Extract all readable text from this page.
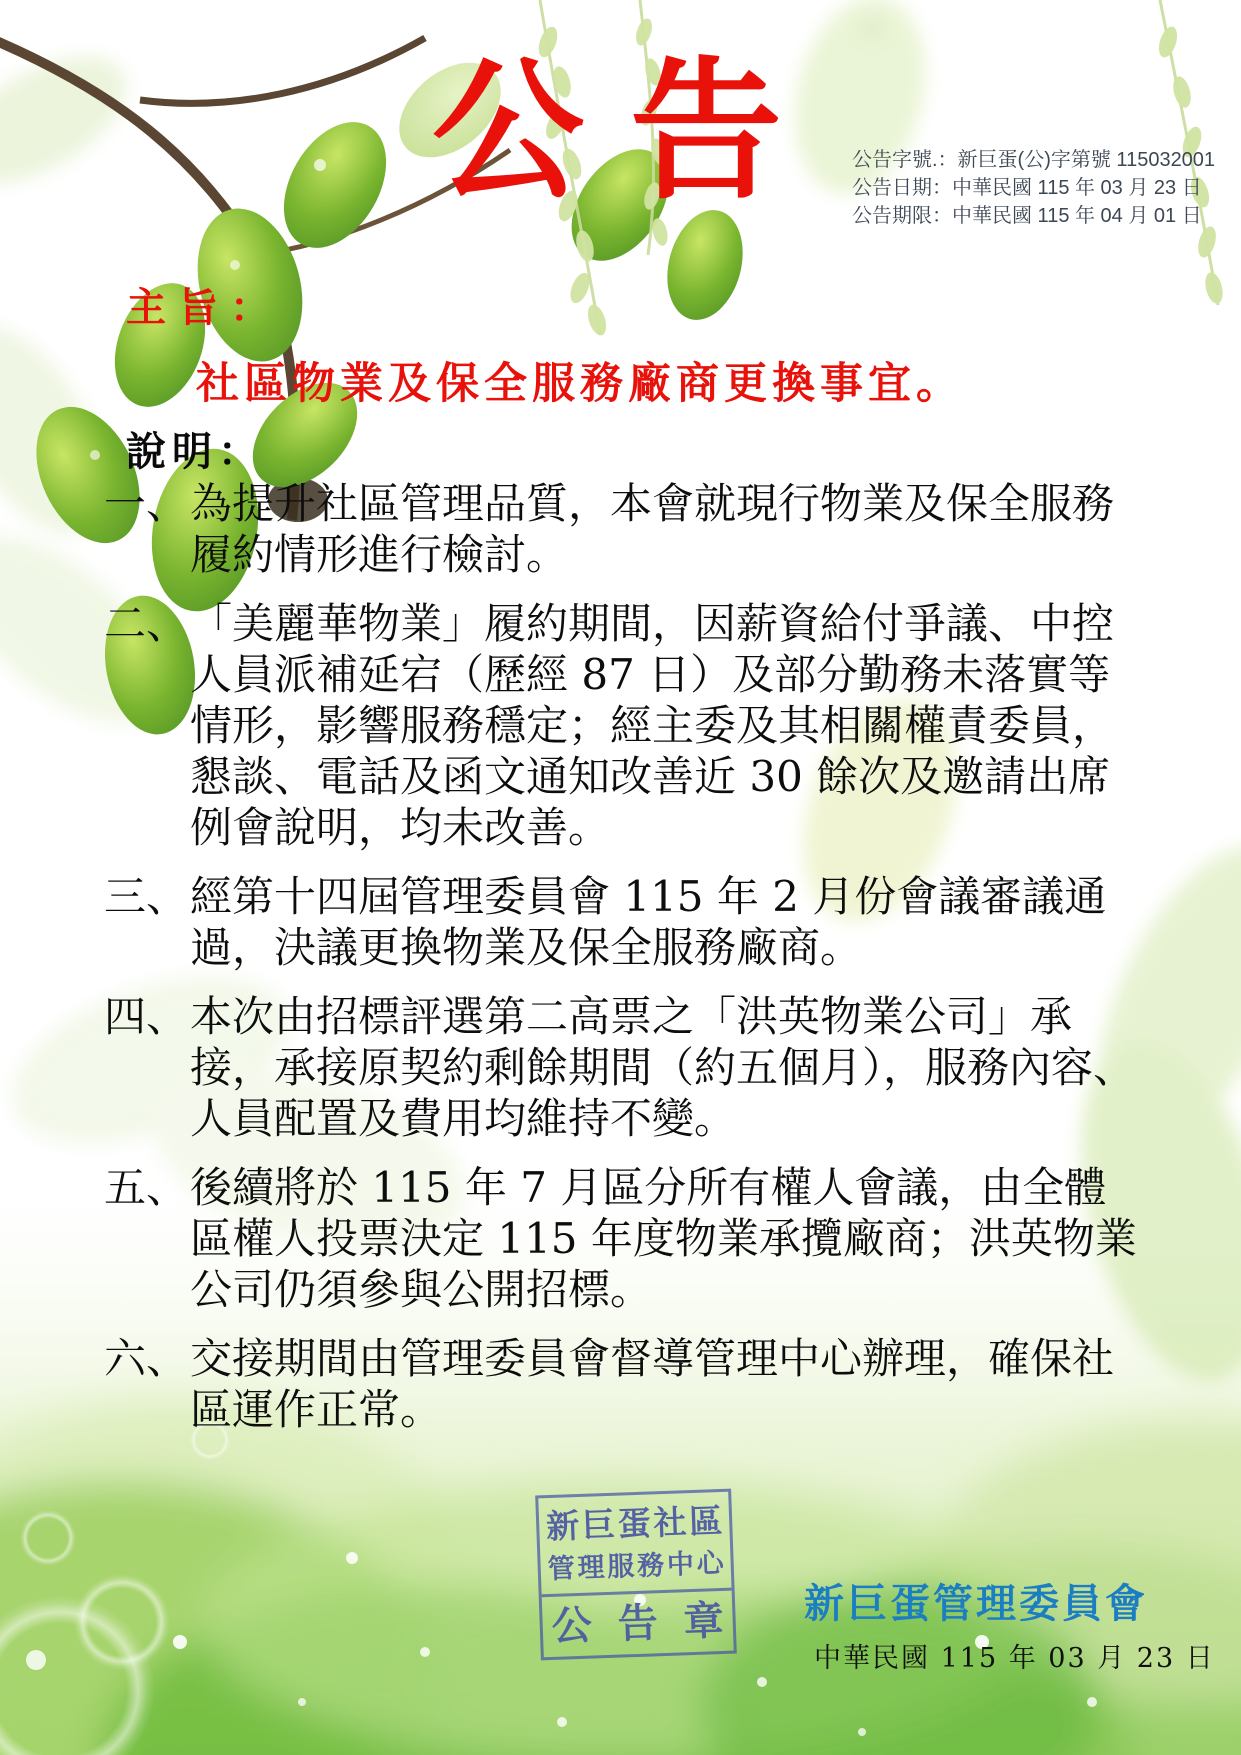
公告 公告字號.：新巨蛋(公)字第號 115032001
公告日期：中華民國 115 年 03 月 23 日
公告期限：中華民國 115 年 04 月 01 日
主旨：
社區物業及保全服務廠商更換事宜。
說明：
一、 為提升社區管理品質，本會就現行物業及保全服務履約情形進行檢討。
二、 「美麗華物業」履約期間，因薪資給付爭議、中控人員派補延宕（歷經 87 日）及部分勤務未落實等情形，影響服務穩定；經主委及其相關權責委員，懇談、電話及函文通知改善近 30 餘次及邀請出席例會說明，均未改善。
三、 經第十四屆管理委員會 115 年 2 月份會議審議通過，決議更換物業及保全服務廠商。
四、 本次由招標評選第二高票之「洪英物業公司」承接，承接原契約剩餘期間（約五個月），服務內容、人員配置及費用均維持不變。
五、 後續將於 115 年 7 月區分所有權人會議，由全體區權人投票決定 115 年度物業承攬廠商；洪英物業公司仍須參與公開招標。
六、 交接期間由管理委員會督導管理中心辦理，確保社區運作正常。
新巨蛋社區
管理服務中心
公告章 新巨蛋管理委員會
中華民國 115 年 03 月 23 日
